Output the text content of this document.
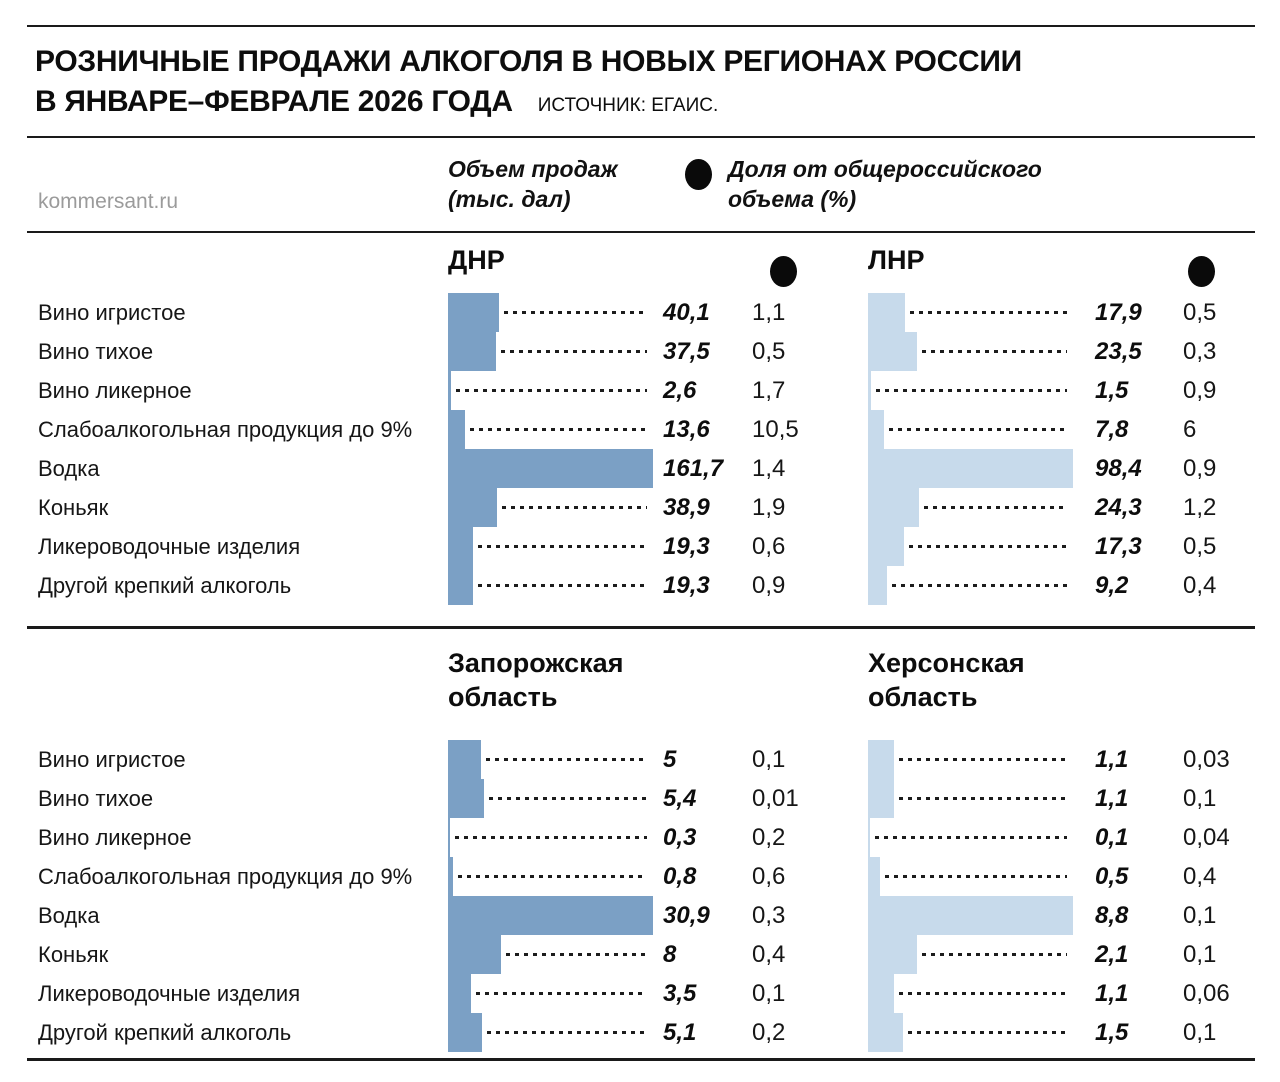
РОЗНИЧНЫЕ ПРОДАЖИ АЛКОГОЛЯ В НОВЫХ РЕГИОНАХ РОССИИ
В ЯНВАРЕ–ФЕВРАЛЕ 2026 ГОДА ИСТОЧНИК: ЕГАИС.
kommersant.ru
Объем продаж (тыс. дал)
Доля от общероссийского объема (%)
ДНР	ЛНР
Вино игристое	40,1	1,1	17,9	0,5
Вино тихое	37,5	0,5	23,5	0,3
Вино ликерное	2,6	1,7	1,5	0,9
Слабоалкогольная продукция до 9%	13,6	10,5	7,8	6
Водка	161,7	1,4	98,4	0,9
Коньяк	38,9	1,9	24,3	1,2
Ликероводочные изделия	19,3	0,6	17,3	0,5
Другой крепкий алкоголь	19,3	0,9	9,2	0,4
Запорожская область
Херсонская область
Вино игристое	5	0,1	1,1	0,03
Вино тихое	5,4	0,01	1,1	0,1
Вино ликерное	0,3	0,2	0,1	0,04
Слабоалкогольная продукция до 9%	0,8	0,6	0,5	0,4
Водка	30,9	0,3	8,8	0,1
Коньяк	8	0,4	2,1	0,1
Ликероводочные изделия	3,5	0,1	1,1	0,06
Другой крепкий алкоголь	5,1	0,2	1,5	0,1
